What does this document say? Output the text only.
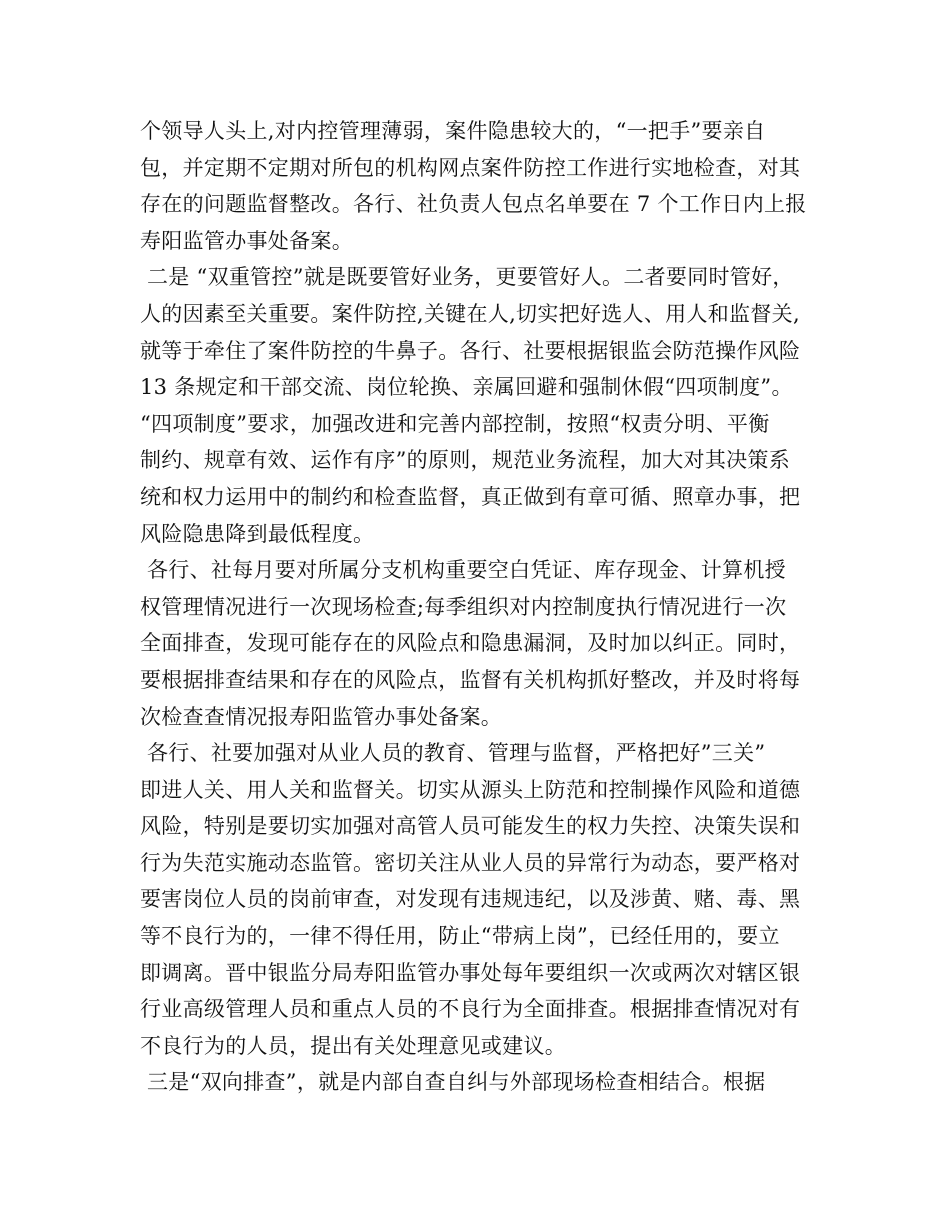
个领导人头上,对内控管理薄弱，案件隐患较大的，“一把手”要亲自
包，并定期不定期对所包的机构网点案件防控工作进行实地检查，对其
存在的问题监督整改。各行、社负责人包点名单要在 7 个工作日内上报
寿阳监管办事处备案。
二是 “双重管控”就是既要管好业务，更要管好人。二者要同时管好，
人的因素至关重要。案件防控,关键在人,切实把好选人、用人和监督关,
就等于牵住了案件防控的牛鼻子。各行、社要根据银监会防范操作风险
13 条规定和干部交流、岗位轮换、亲属回避和强制休假“四项制度”。
“四项制度”要求，加强改进和完善内部控制，按照“权责分明、平衡
制约、规章有效、运作有序”的原则，规范业务流程，加大对其决策系
统和权力运用中的制约和检查监督，真正做到有章可循、照章办事，把
风险隐患降到最低程度。
各行、社每月要对所属分支机构重要空白凭证、库存现金、计算机授
权管理情况进行一次现场检查;每季组织对内控制度执行情况进行一次
全面排查，发现可能存在的风险点和隐患漏洞，及时加以纠正。同时，
要根据排查结果和存在的风险点，监督有关机构抓好整改，并及时将每
次检查查情况报寿阳监管办事处备案。
各行、社要加强对从业人员的教育、管理与监督，严格把好”三关”
即进人关、用人关和监督关。切实从源头上防范和控制操作风险和道德
风险，特别是要切实加强对高管人员可能发生的权力失控、决策失误和
行为失范实施动态监管。密切关注从业人员的异常行为动态，要严格对
要害岗位人员的岗前审查，对发现有违规违纪，以及涉黄、赌、毒、黑
等不良行为的，一律不得任用，防止“带病上岗”，已经任用的，要立
即调离。晋中银监分局寿阳监管办事处每年要组织一次或两次对辖区银
行业高级管理人员和重点人员的不良行为全面排查。根据排查情况对有
不良行为的人员，提出有关处理意见或建议。
三是“双向排查”，就是内部自查自纠与外部现场检查相结合。根据
